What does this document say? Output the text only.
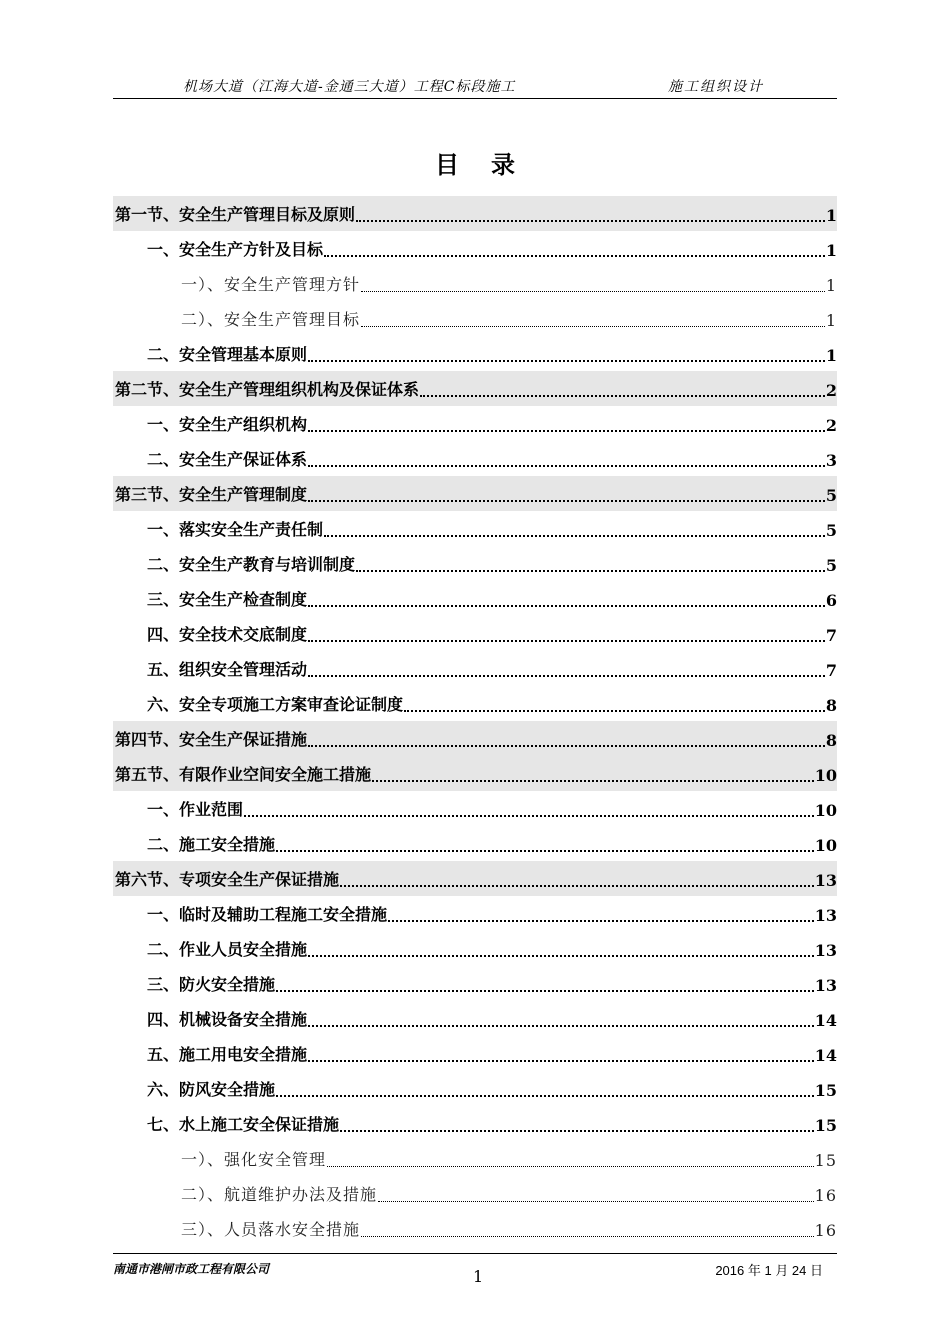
机场大道（江海大道-金通三大道）工程C标段施工	施工组织设计
目录
第一节、安全生产管理目标及原则	1
一、安全生产方针及目标	1
一）、安全生产管理方针	1
二）、安全生产管理目标	1
二、安全管理基本原则	1
第二节、安全生产管理组织机构及保证体系	2
一、安全生产组织机构	2
二、安全生产保证体系	3
第三节、安全生产管理制度	5
一、落实安全生产责任制	5
二、安全生产教育与培训制度	5
三、安全生产检查制度	6
四、安全技术交底制度	7
五、组织安全管理活动	7
六、安全专项施工方案审查论证制度	8
第四节、安全生产保证措施	8
第五节、有限作业空间安全施工措施	10
一、作业范围	10
二、施工安全措施	10
第六节、专项安全生产保证措施	13
一、临时及辅助工程施工安全措施	13
二、作业人员安全措施	13
三、防火安全措施	13
四、机械设备安全措施	14
五、施工用电安全措施	14
六、防风安全措施	15
七、水上施工安全保证措施	15
一）、强化安全管理	15
二）、航道维护办法及措施	16
三）、人员落水安全措施	16
南通市港闸市政工程有限公司	1	2016 年 1 月 24 日
